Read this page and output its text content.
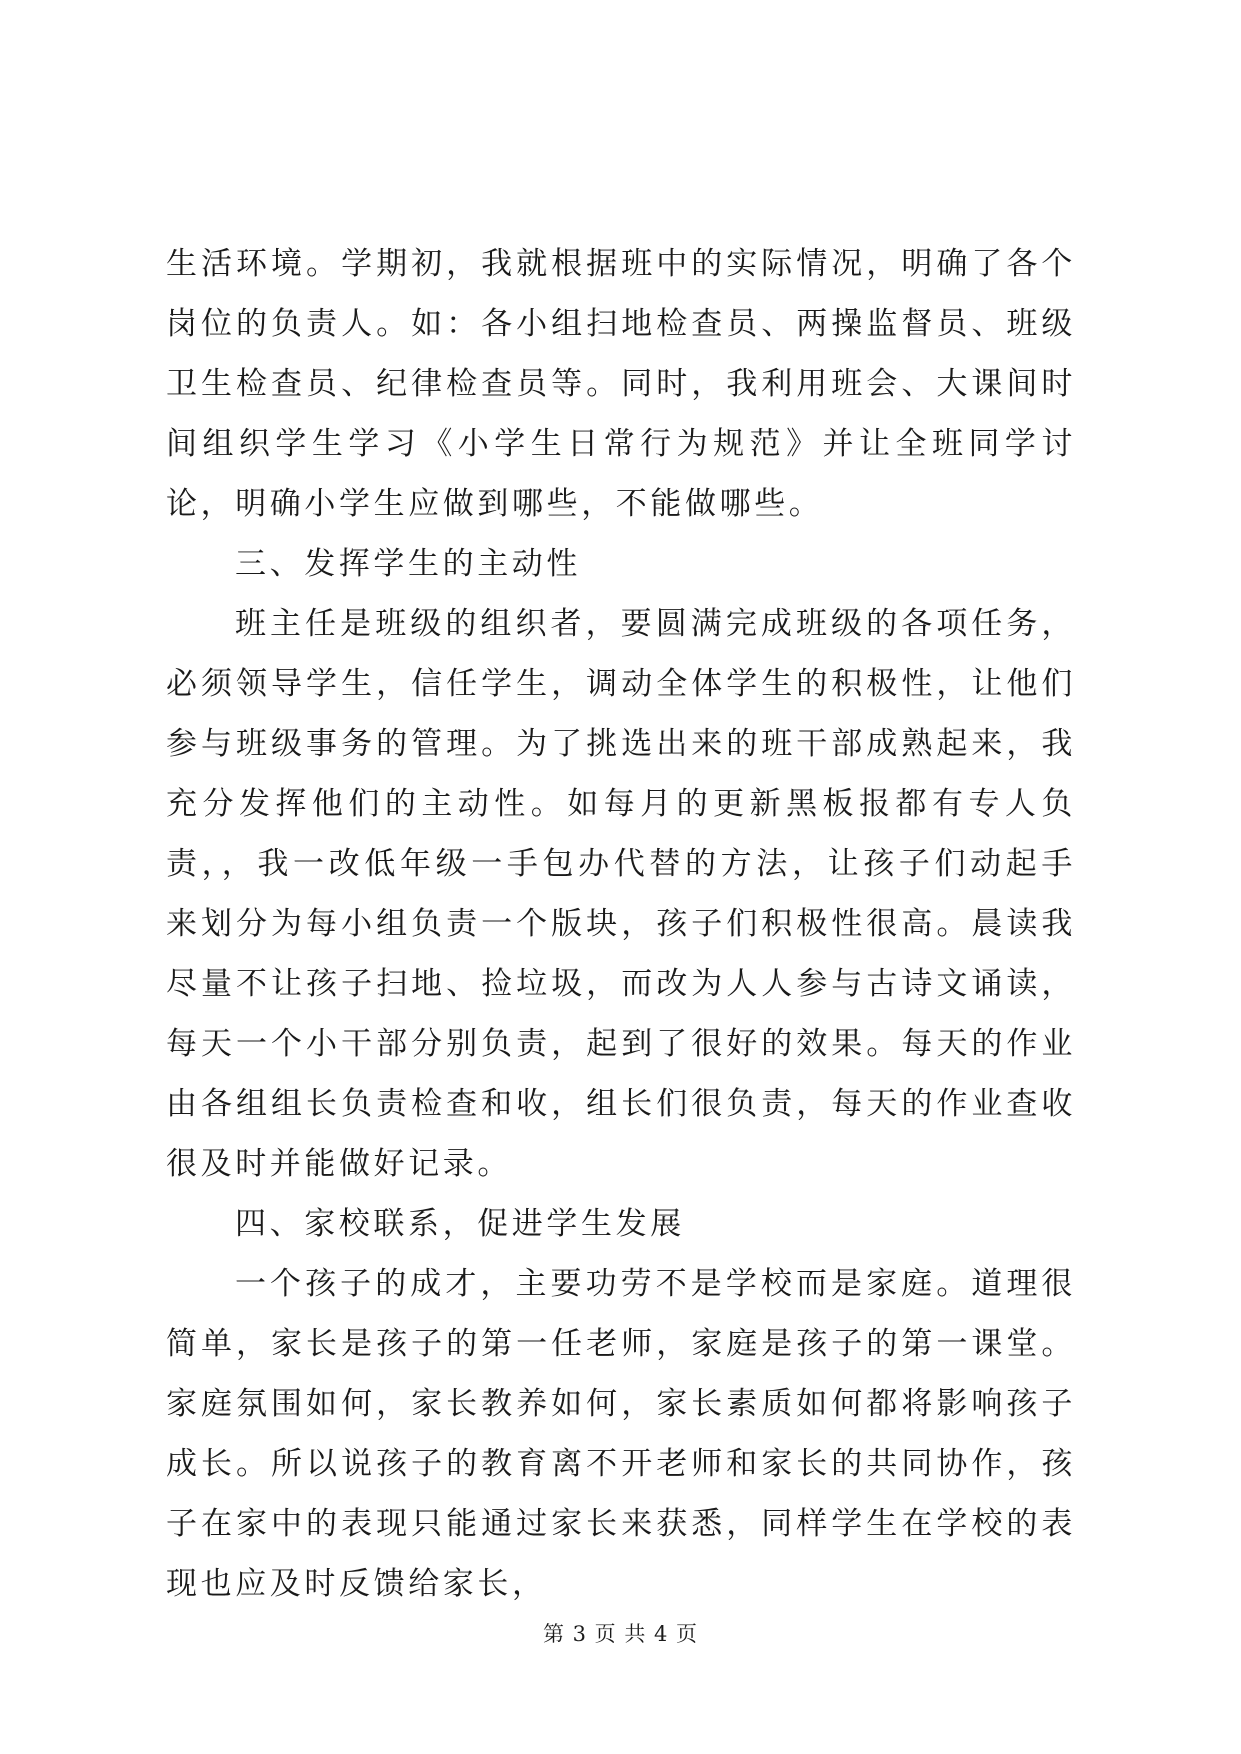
生活环境。学期初，我就根据班中的实际情况，明确了各个岗位的负责人。如：各小组扫地检查员、两操监督员、班级卫生检查员、纪律检查员等。同时，我利用班会、大课间时间组织学生学习《小学生日常行为规范》并让全班同学讨论，明确小学生应做到哪些，不能做哪些。

三、发挥学生的主动性

班主任是班级的组织者，要圆满完成班级的各项任务，必须领导学生，信任学生，调动全体学生的积极性，让他们参与班级事务的管理。为了挑选出来的班干部成熟起来，我充分发挥他们的主动性。如每月的更新黑板报都有专人负责，，我一改低年级一手包办代替的方法，让孩子们动起手来划分为每小组负责一个版块，孩子们积极性很高。晨读我尽量不让孩子扫地、捡垃圾，而改为人人参与古诗文诵读，每天一个小干部分别负责，起到了很好的效果。每天的作业由各组组长负责检查和收，组长们很负责，每天的作业查收很及时并能做好记录。

四、家校联系，促进学生发展

一个孩子的成才，主要功劳不是学校而是家庭。道理很简单，家长是孩子的第一任老师，家庭是孩子的第一课堂。家庭氛围如何，家长教养如何，家长素质如何都将影响孩子成长。所以说孩子的教育离不开老师和家长的共同协作，孩子在家中的表现只能通过家长来获悉，同样学生在学校的表现也应及时反馈给家长，

第 3 页 共 4 页
